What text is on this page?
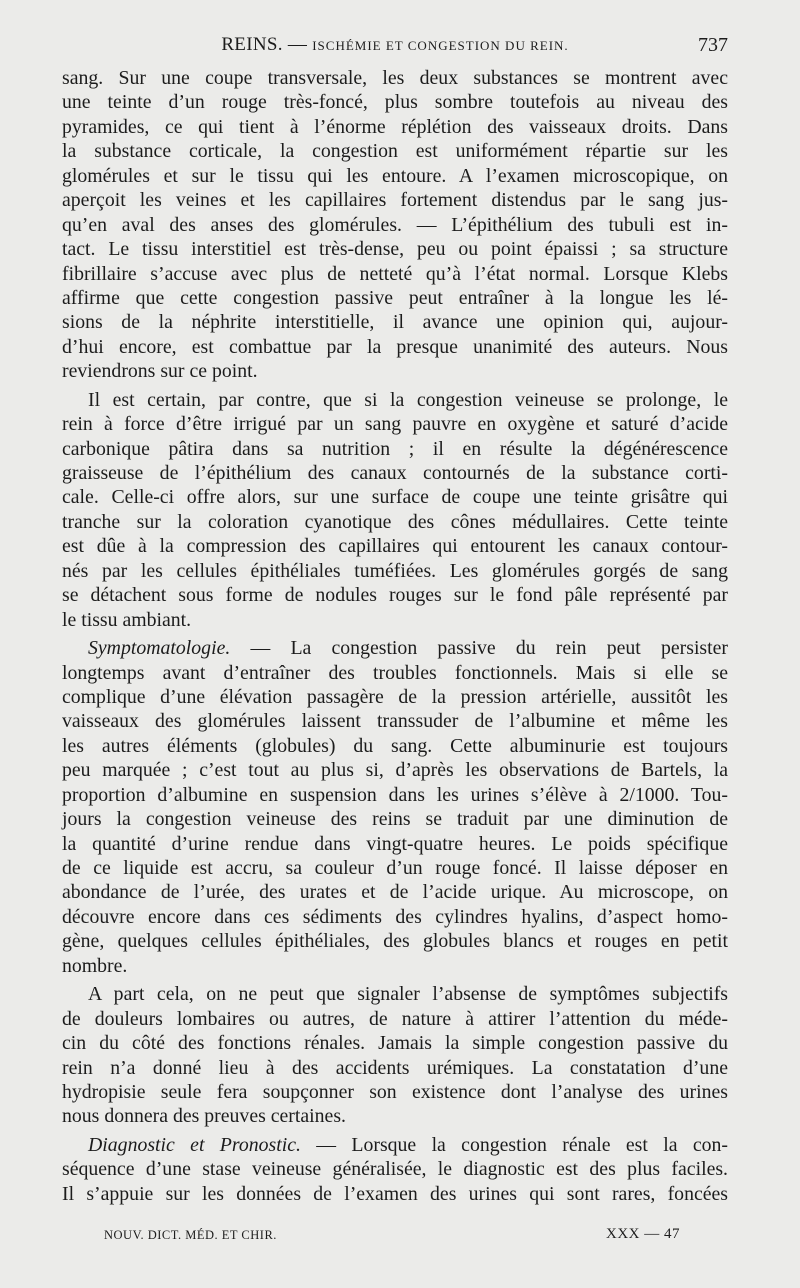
REINS. — ISCHÉMIE ET CONGESTION DU REIN.	737
sang. Sur une coupe transversale, les deux substances se montrent avec
une teinte d’un rouge très-foncé, plus sombre toutefois au niveau des
pyramides, ce qui tient à l’énorme réplétion des vaisseaux droits. Dans
la substance corticale, la congestion est uniformément répartie sur les
glomérules et sur le tissu qui les entoure. A l’examen microscopique, on
aperçoit les veines et les capillaires fortement distendus par le sang jus-
qu’en aval des anses des glomérules. — L’épithélium des tubuli est in-
tact. Le tissu interstitiel est très-dense, peu ou point épaissi ; sa structure
fibrillaire s’accuse avec plus de netteté qu’à l’état normal. Lorsque Klebs
affirme que cette congestion passive peut entraîner à la longue les lé-
sions de la néphrite interstitielle, il avance une opinion qui, aujour-
d’hui encore, est combattue par la presque unanimité des auteurs. Nous
reviendrons sur ce point.
Il est certain, par contre, que si la congestion veineuse se prolonge, le
rein à force d’être irrigué par un sang pauvre en oxygène et saturé d’acide
carbonique pâtira dans sa nutrition ; il en résulte la dégénérescence
graisseuse de l’épithélium des canaux contournés de la substance corti-
cale. Celle-ci offre alors, sur une surface de coupe une teinte grisâtre qui
tranche sur la coloration cyanotique des cônes médullaires. Cette teinte
est dûe à la compression des capillaires qui entourent les canaux contour-
nés par les cellules épithéliales tuméfiées. Les glomérules gorgés de sang
se détachent sous forme de nodules rouges sur le fond pâle représenté par
le tissu ambiant.
Symptomatologie. — La congestion passive du rein peut persister
longtemps avant d’entraîner des troubles fonctionnels. Mais si elle se
complique d’une élévation passagère de la pression artérielle, aussitôt les
vaisseaux des glomérules laissent transsuder de l’albumine et même les
les autres éléments (globules) du sang. Cette albuminurie est toujours
peu marquée ; c’est tout au plus si, d’après les observations de Bartels, la
proportion d’albumine en suspension dans les urines s’élève à 2/1000. Tou-
jours la congestion veineuse des reins se traduit par une diminution de
la quantité d’urine rendue dans vingt-quatre heures. Le poids spécifique
de ce liquide est accru, sa couleur d’un rouge foncé. Il laisse déposer en
abondance de l’urée, des urates et de l’acide urique. Au microscope, on
découvre encore dans ces sédiments des cylindres hyalins, d’aspect homo-
gène, quelques cellules épithéliales, des globules blancs et rouges en petit
nombre.
A part cela, on ne peut que signaler l’absense de symptômes subjectifs
de douleurs lombaires ou autres, de nature à attirer l’attention du méde-
cin du côté des fonctions rénales. Jamais la simple congestion passive du
rein n’a donné lieu à des accidents urémiques. La constatation d’une
hydropisie seule fera soupçonner son existence dont l’analyse des urines
nous donnera des preuves certaines.
Diagnostic et Pronostic. — Lorsque la congestion rénale est la con-
séquence d’une stase veineuse généralisée, le diagnostic est des plus faciles.
Il s’appuie sur les données de l’examen des urines qui sont rares, foncées
NOUV. DICT. MÉD. ET CHIR.	XXX — 47
